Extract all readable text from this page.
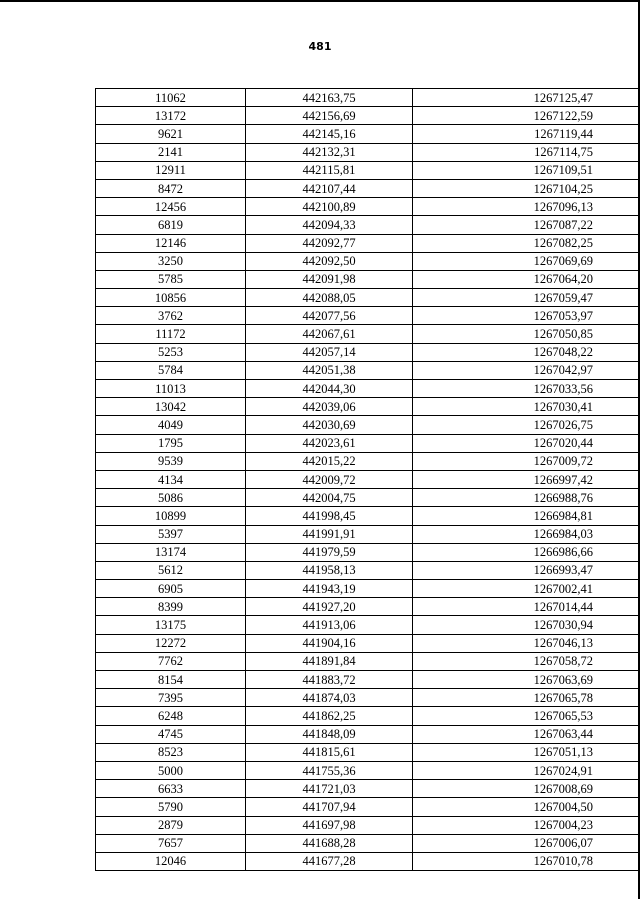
481
11062	442163,75	1267125,47
13172	442156,69	1267122,59
9621	442145,16	1267119,44
2141	442132,31	1267114,75
12911	442115,81	1267109,51
8472	442107,44	1267104,25
12456	442100,89	1267096,13
6819	442094,33	1267087,22
12146	442092,77	1267082,25
3250	442092,50	1267069,69
5785	442091,98	1267064,20
10856	442088,05	1267059,47
3762	442077,56	1267053,97
11172	442067,61	1267050,85
5253	442057,14	1267048,22
5784	442051,38	1267042,97
11013	442044,30	1267033,56
13042	442039,06	1267030,41
4049	442030,69	1267026,75
1795	442023,61	1267020,44
9539	442015,22	1267009,72
4134	442009,72	1266997,42
5086	442004,75	1266988,76
10899	441998,45	1266984,81
5397	441991,91	1266984,03
13174	441979,59	1266986,66
5612	441958,13	1266993,47
6905	441943,19	1267002,41
8399	441927,20	1267014,44
13175	441913,06	1267030,94
12272	441904,16	1267046,13
7762	441891,84	1267058,72
8154	441883,72	1267063,69
7395	441874,03	1267065,78
6248	441862,25	1267065,53
4745	441848,09	1267063,44
8523	441815,61	1267051,13
5000	441755,36	1267024,91
6633	441721,03	1267008,69
5790	441707,94	1267004,50
2879	441697,98	1267004,23
7657	441688,28	1267006,07
12046	441677,28	1267010,78
